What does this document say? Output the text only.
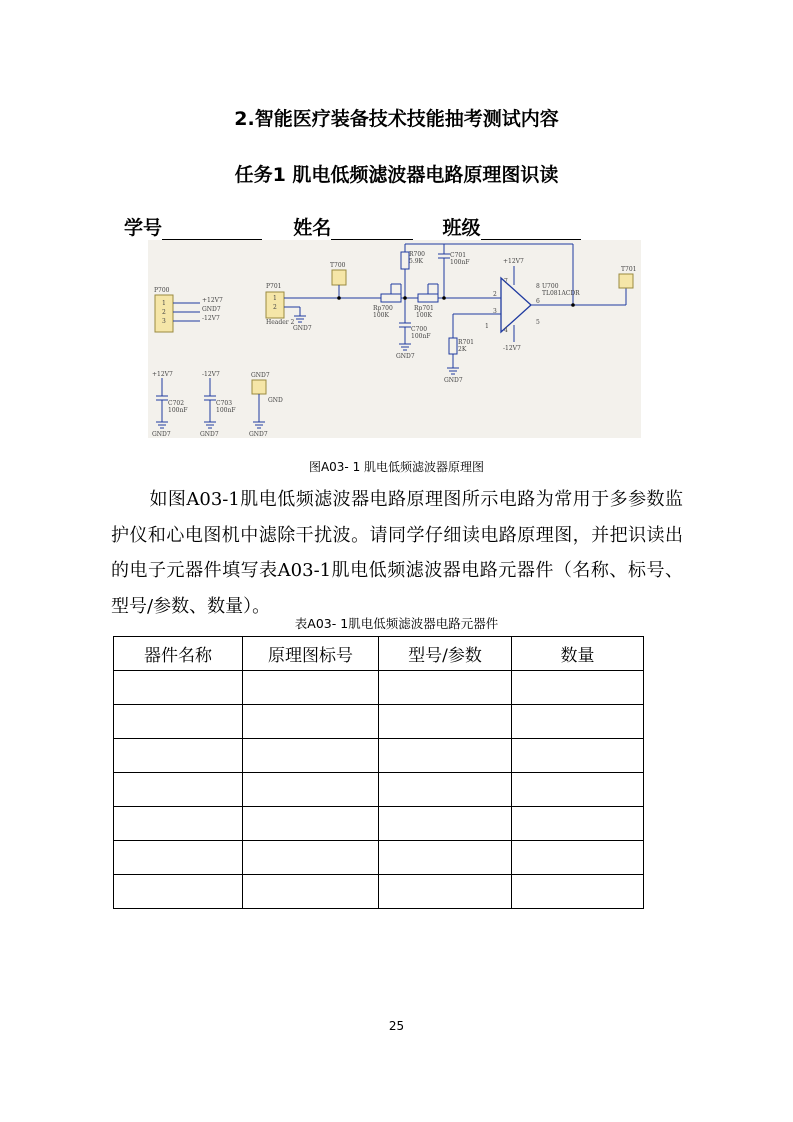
2.智能医疗装备技术技能抽考测试内容
任务1 肌电低频滤波器电路原理图识读
学号	姓名	班级
P700
1
2
3
+12V7
GND7
-12V7
P701
1
2
Header 2
GND7
T700
Rp700
100K
Rp701
100K
R700
5.9K
C701
100nF
C700
100nF
GND7
U700
TL081ACDR
2
3
1
5
6
7
8
4
+12V7
-12V7
R701
2K
GND7
T701
+12V7
C702
100nF
GND7
-12V7
C703
100nF
GND7
GND7
GND
GND7
图A03- 1 肌电低频滤波器原理图
如图A03-1肌电低频滤波器电路原理图所示电路为常用于多参数监护仪和心电图机中滤除干扰波。请同学仔细读电路原理图，并把识读出的电子元器件填写表A03-1肌电低频滤波器电路元器件（名称、标号、型号/参数、数量）。
表A03- 1肌电低频滤波器电路元器件
器件名称	原理图标号	型号/参数	数量

25
